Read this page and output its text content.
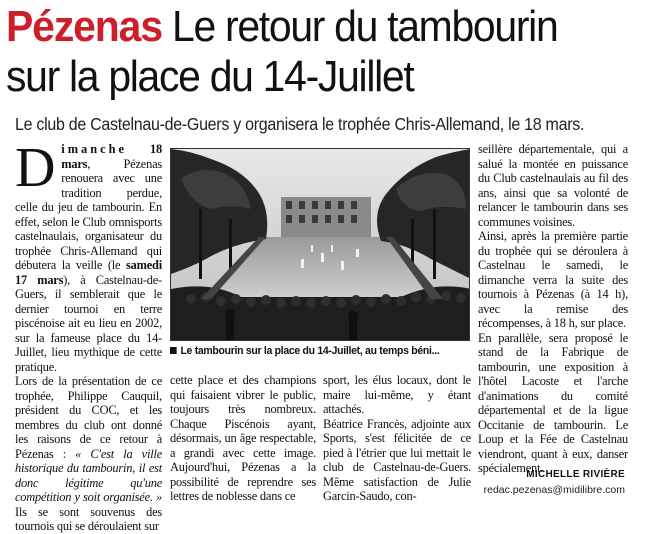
Pézenas Le retour du tambourin
sur la place du 14-Juillet
Le club de Castelnau-de-Guers y organisera le trophée Chris-Allemand, le 18 mars.

Dimanche 18 mars, Pézenas renouera avec une tradition perdue, celle du jeu de tambourin. En effet, selon le Club omnisports castelnaulais, organisateur du trophée Chris-Allemand qui débutera la veille (le samedi 17 mars), à Castelnau-de-Guers, il semblerait que le dernier tournoi en terre piscénoise ait eu lieu en 2002, sur la fameuse place du 14-Juillet, lieu mythique de cette pratique.

Lors de la présentation de ce trophée, Philippe Cauquil, président du COC, et les membres du club ont donné les raisons de ce retour à Pézenas : « C'est la ville historique du tambourin, il est donc légitime qu'une compétition y soit organisée. » Ils se sont souvenus des tournois qui se déroulaient sur

Le tambourin sur la place du 14-Juillet, au temps béni...

cette place et des champions qui faisaient vibrer le public, toujours très nombreux. Chaque Piscénois ayant, désormais, un âge respectable, a grandi avec cette image. Aujourd'hui, Pézenas a la possibilité de reprendre ses lettres de noblesse dans ce

sport, les élus locaux, dont le maire lui-même, y étant attachés.

Béatrice Francès, adjointe aux Sports, s'est félicitée de ce pied à l'étrier que lui mettait le club de Castelnau-de-Guers. Même satisfaction de Julie Garcin-Saudo, con-

seillère départementale, qui a salué la montée en puissance du Club castelnaulais au fil des ans, ainsi que sa volonté de relancer le tambourin dans ses communes voisines.

Ainsi, après la première partie du trophée qui se déroulera à Castelnau le samedi, le dimanche verra la suite des tournois à Pézenas (à 14 h), avec la remise des récompenses, à 18 h, sur place.

En parallèle, sera proposé le stand de la Fabrique de tambourin, une exposition à l'hôtel Lacoste et l'arche d'animations du comité départemental et de la ligue Occitanie de tambourin. Le Loup et la Fée de Castelnau viendront, quant à eux, danser spécialement.

MICHELLE RIVIÈRE
redac.pezenas@midilibre.com
